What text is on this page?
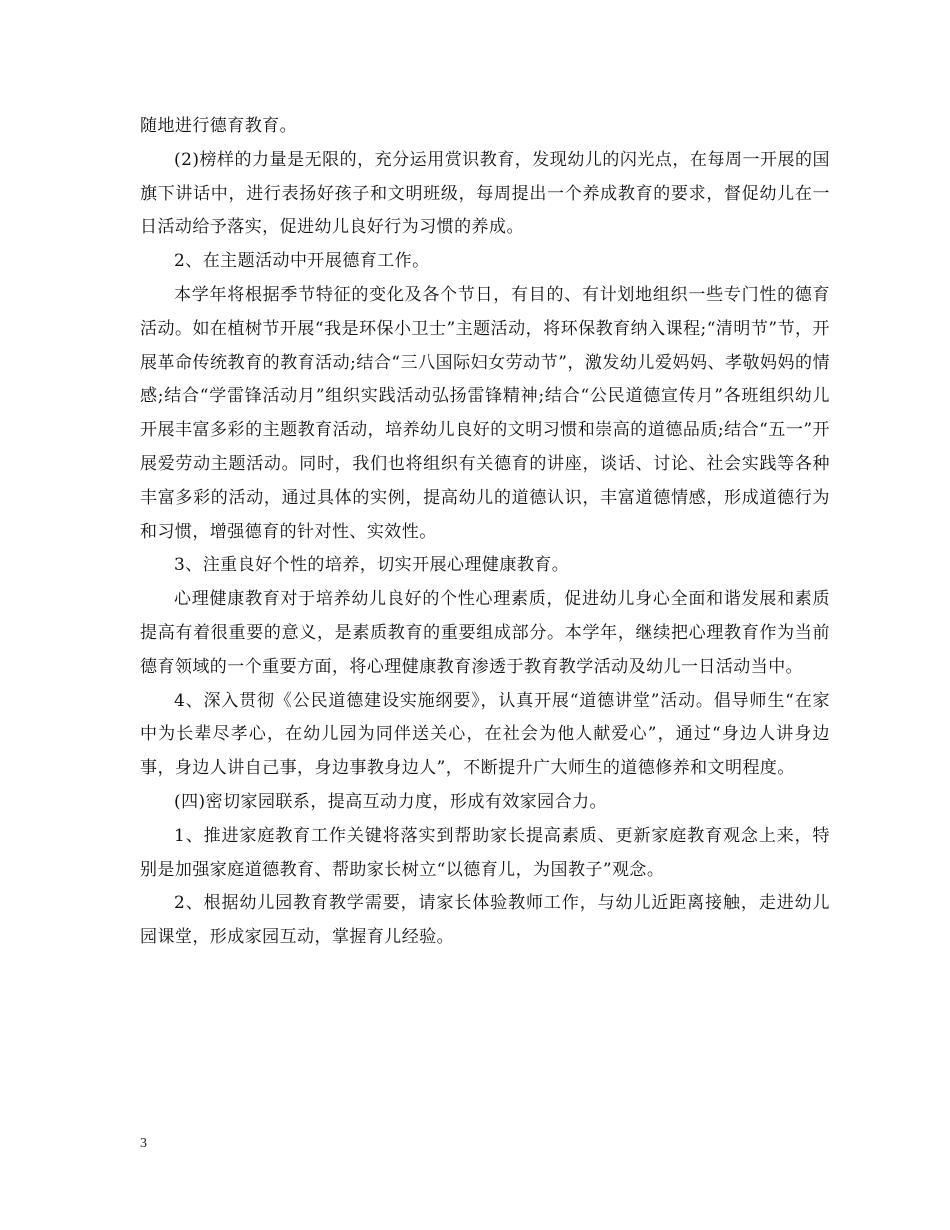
随地进行德育教育。

(2)榜样的力量是无限的，充分运用赏识教育，发现幼儿的闪光点，在每周一开展的国旗下讲话中，进行表扬好孩子和文明班级，每周提出一个养成教育的要求，督促幼儿在一日活动给予落实，促进幼儿良好行为习惯的养成。

2、在主题活动中开展德育工作。

本学年将根据季节特征的变化及各个节日，有目的、有计划地组织一些专门性的德育活动。如在植树节开展“我是环保小卫士”主题活动，将环保教育纳入课程;“清明节”节，开展革命传统教育的教育活动;结合“三八国际妇女劳动节”，激发幼儿爱妈妈、孝敬妈妈的情感;结合“学雷锋活动月”组织实践活动弘扬雷锋精神;结合“公民道德宣传月”各班组织幼儿开展丰富多彩的主题教育活动，培养幼儿良好的文明习惯和崇高的道德品质;结合“五一”开展爱劳动主题活动。同时，我们也将组织有关德育的讲座，谈话、讨论、社会实践等各种丰富多彩的活动，通过具体的实例，提高幼儿的道德认识，丰富道德情感，形成道德行为和习惯，增强德育的针对性、实效性。

3、注重良好个性的培养，切实开展心理健康教育。

心理健康教育对于培养幼儿良好的个性心理素质，促进幼儿身心全面和谐发展和素质提高有着很重要的意义，是素质教育的重要组成部分。本学年，继续把心理教育作为当前德育领域的一个重要方面，将心理健康教育渗透于教育教学活动及幼儿一日活动当中。

4、深入贯彻《公民道德建设实施纲要》，认真开展“道德讲堂”活动。倡导师生“在家中为长辈尽孝心，在幼儿园为同伴送关心，在社会为他人献爱心”，通过“身边人讲身边事，身边人讲自己事，身边事教身边人”，不断提升广大师生的道德修养和文明程度。

(四)密切家园联系，提高互动力度，形成有效家园合力。

1、推进家庭教育工作关键将落实到帮助家长提高素质、更新家庭教育观念上来，特别是加强家庭道德教育、帮助家长树立“以德育儿，为国教子”观念。

2、根据幼儿园教育教学需要，请家长体验教师工作，与幼儿近距离接触，走进幼儿园课堂，形成家园互动，掌握育儿经验。

3
